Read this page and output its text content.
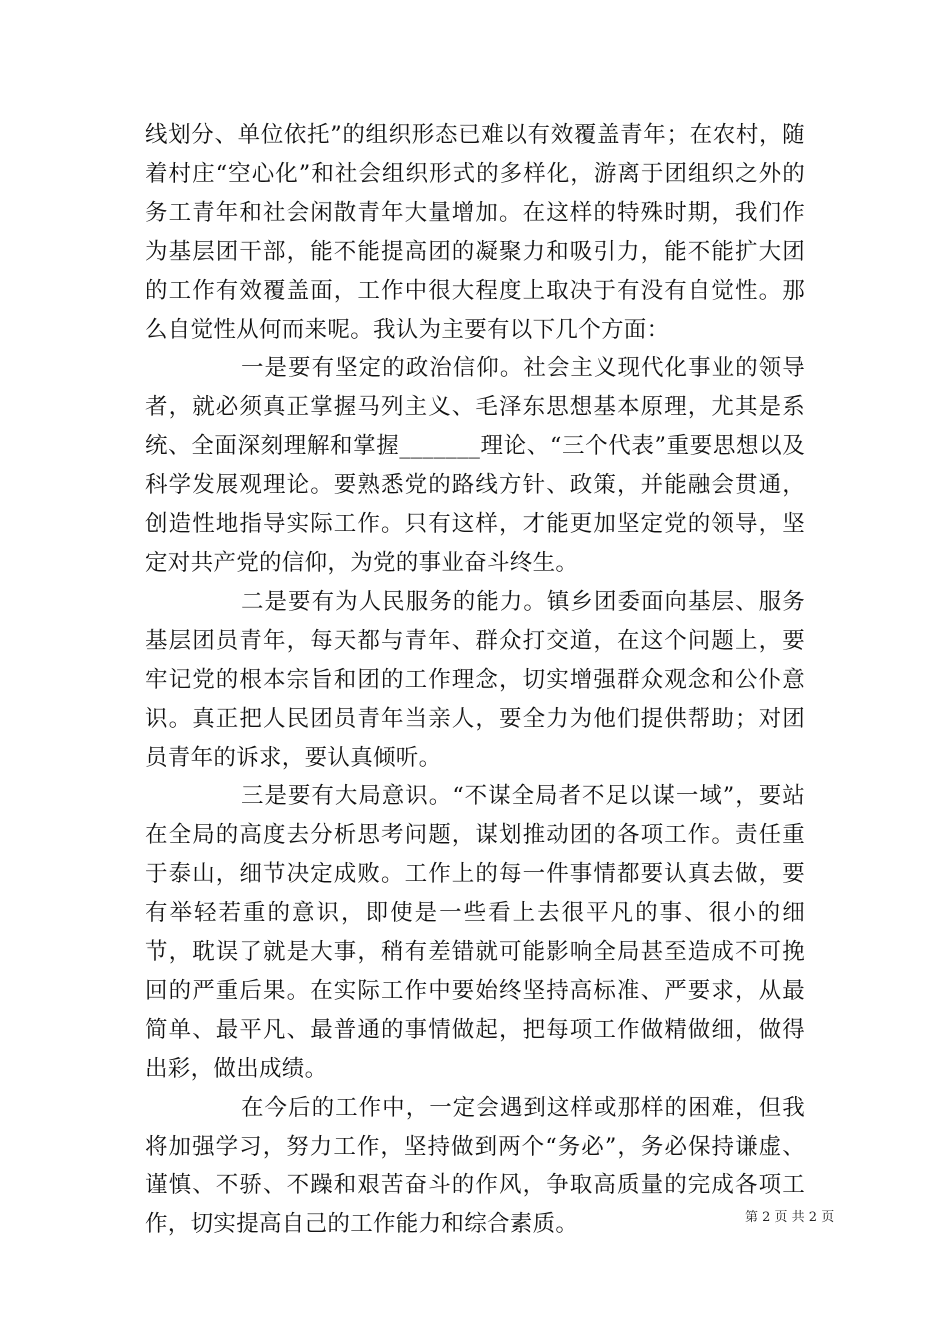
线划分、单位依托”的组织形态已难以有效覆盖青年；在农村，随着村庄“空心化”和社会组织形式的多样化，游离于团组织之外的务工青年和社会闲散青年大量增加。在这样的特殊时期，我们作为基层团干部，能不能提高团的凝聚力和吸引力，能不能扩大团的工作有效覆盖面，工作中很大程度上取决于有没有自觉性。那么自觉性从何而来呢。我认为主要有以下几个方面：

一是要有坚定的政治信仰。社会主义现代化事业的领导者，就必须真正掌握马列主义、毛泽东思想基本原理，尤其是系统、全面深刻理解和掌握_______理论、“三个代表”重要思想以及科学发展观理论。要熟悉党的路线方针、政策，并能融会贯通，创造性地指导实际工作。只有这样，才能更加坚定党的领导，坚定对共产党的信仰，为党的事业奋斗终生。

二是要有为人民服务的能力。镇乡团委面向基层、服务基层团员青年，每天都与青年、群众打交道，在这个问题上，要牢记党的根本宗旨和团的工作理念，切实增强群众观念和公仆意识。真正把人民团员青年当亲人，要全力为他们提供帮助；对团员青年的诉求，要认真倾听。

三是要有大局意识。“不谋全局者不足以谋一域”，要站在全局的高度去分析思考问题，谋划推动团的各项工作。责任重于泰山，细节决定成败。工作上的每一件事情都要认真去做，要有举轻若重的意识，即使是一些看上去很平凡的事、很小的细节，耽误了就是大事，稍有差错就可能影响全局甚至造成不可挽回的严重后果。在实际工作中要始终坚持高标准、严要求，从最简单、最平凡、最普通的事情做起，把每项工作做精做细，做得出彩，做出成绩。

在今后的工作中，一定会遇到这样或那样的困难，但我将加强学习，努力工作，坚持做到两个“务必”，务必保持谦虚、谨慎、不骄、不躁和艰苦奋斗的作风，争取高质量的完成各项工作，切实提高自己的工作能力和综合素质。	第 2 页 共 2 页
